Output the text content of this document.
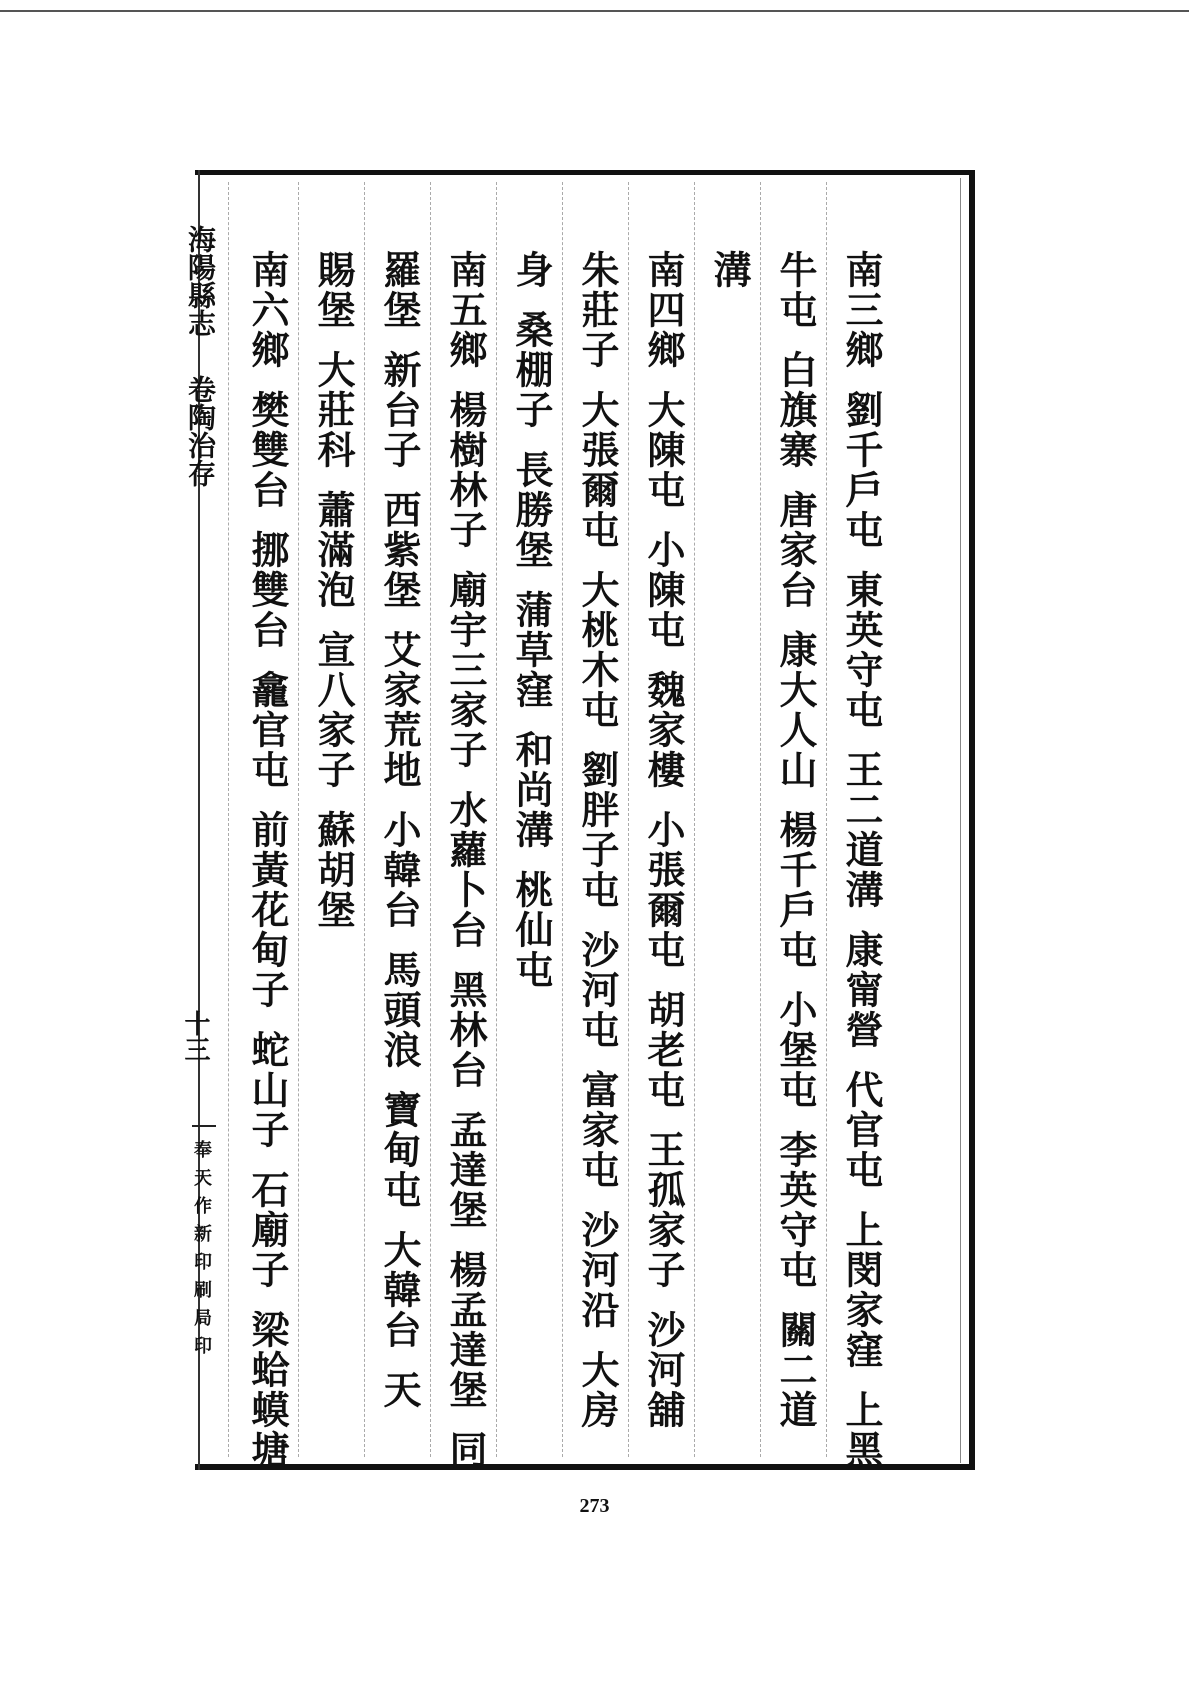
海陽縣志卷陶治存
十三
奉天作新印刷局印
南三鄉劉千戶屯東英守屯王二道溝康甯營代官屯上閔家窪上黑
牛屯白旗寨唐家台康大人山楊千戶屯小堡屯李英守屯關二道
溝
南四鄉大陳屯小陳屯魏家樓小張爾屯胡老屯王孤家子沙河舖
朱莊子大張爾屯大桃木屯劉胖子屯沙河屯富家屯沙河沿大房
身桑棚子長勝堡蒲草窪和尚溝桃仙屯
南五鄉楊樹林子廟宇三家子水蘿卜台黑林台孟達堡楊孟達堡同
羅堡新台子西紫堡艾家荒地小韓台馬頭浪寶甸屯大韓台天
賜堡大莊科蕭滿泡宣八家子蘇胡堡
南六鄉樊雙台挪雙台龕官屯前黃花甸子蛇山子石廟子梁蛤蟆塘
273
